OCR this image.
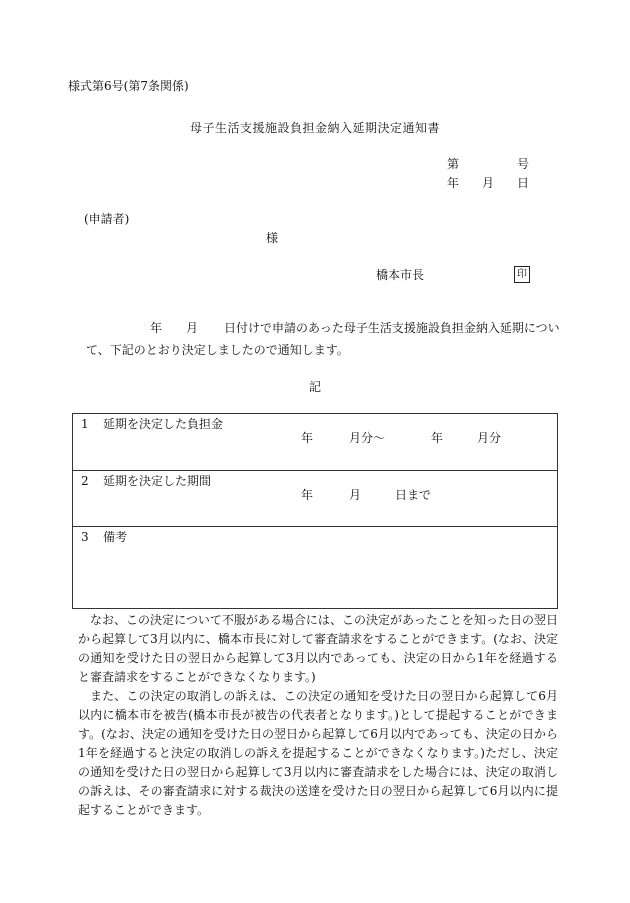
様式第6号(第7条関係)
母子生活支援施設負担金納入延期決定通知書
第	号
年 月 日
(申請者)
様
橋本市長	印
年 月 日付けで申請のあった母子生活支援施設負担金納入延期につい
て、下記のとおり決定しましたので通知します。
記
1 延期を決定した負担金
年	月分〜	年	月分
2 延期を決定した期間
年	月	日まで
3 備考
なお、この決定について不服がある場合には、この決定があったことを知った日の翌日から起算して3月以内に、橋本市長に対して審査請求をすることができます。(なお、決定の通知を受けた日の翌日から起算して3月以内であっても、決定の日から1年を経過すると審査請求をすることができなくなります。)
また、この決定の取消しの訴えは、この決定の通知を受けた日の翌日から起算して6月以内に橋本市を被告(橋本市長が被告の代表者となります。)として提起することができます。(なお、決定の通知を受けた日の翌日から起算して6月以内であっても、決定の日から1年を経過すると決定の取消しの訴えを提起することができなくなります。)ただし、決定の通知を受けた日の翌日から起算して3月以内に審査請求をした場合には、決定の取消しの訴えは、その審査請求に対する裁決の送達を受けた日の翌日から起算して6月以内に提起することができます。
